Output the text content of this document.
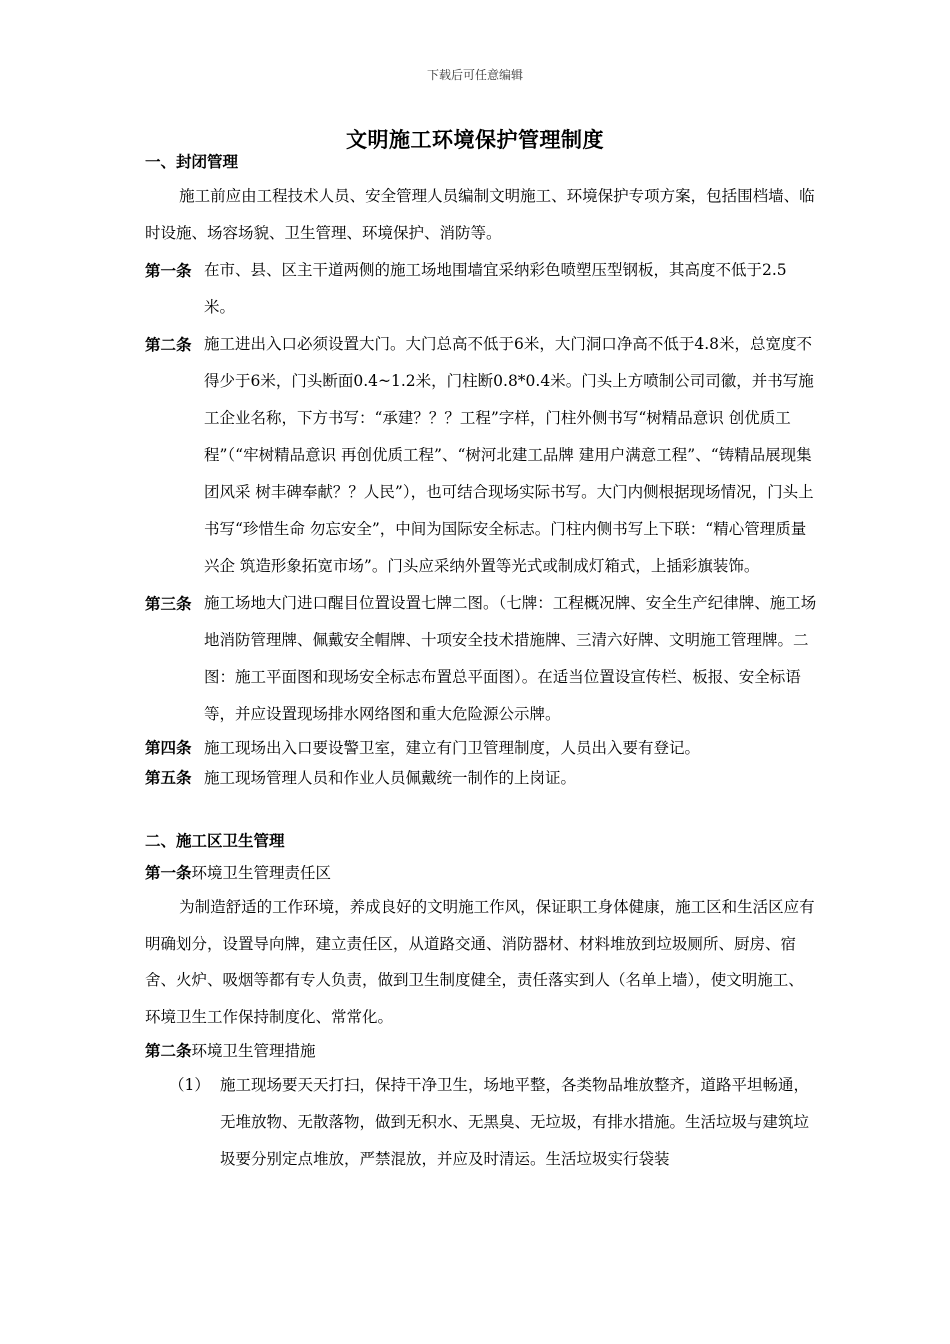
下载后可任意编辑
文明施工环境保护管理制度
一、封闭管理
施工前应由工程技术人员、安全管理人员编制文明施工、环境保护专项方案，包括围档墙、临时设施、场容场貌、卫生管理、环境保护、消防等。
第一条 在市、县、区主干道两侧的施工场地围墙宜采纳彩色喷塑压型钢板，其高度不低于2.5米。
第二条 施工进出入口必须设置大门。大门总高不低于6米，大门洞口净高不低于4.8米，总宽度不得少于6米，门头断面0.4~1.2米，门柱断0.8*0.4米。门头上方喷制公司司徽，并书写施工企业名称，下方书写：“承建？？？工程”字样，门柱外侧书写“树精品意识 创优质工程”（“牢树精品意识 再创优质工程”、“树河北建工品牌 建用户满意工程”、“铸精品展现集团风采 树丰碑奉献？？人民”），也可结合现场实际书写。大门内侧根据现场情况，门头上书写“珍惜生命 勿忘安全”，中间为国际安全标志。门柱内侧书写上下联：“精心管理质量兴企 筑造形象拓宽市场”。门头应采纳外置等光式或制成灯箱式，上插彩旗装饰。
第三条 施工场地大门进口醒目位置设置七牌二图。（七牌：工程概况牌、安全生产纪律牌、施工场地消防管理牌、佩戴安全帽牌、十项安全技术措施牌、三清六好牌、文明施工管理牌。二图：施工平面图和现场安全标志布置总平面图）。在适当位置设宣传栏、板报、安全标语等，并应设置现场排水网络图和重大危险源公示牌。
第四条 施工现场出入口要设警卫室，建立有门卫管理制度，人员出入要有登记。
第五条 施工现场管理人员和作业人员佩戴统一制作的上岗证。
二、施工区卫生管理
第一条环境卫生管理责任区
为制造舒适的工作环境，养成良好的文明施工作风，保证职工身体健康，施工区和生活区应有明确划分，设置导向牌，建立责任区，从道路交通、消防器材、材料堆放到垃圾厕所、厨房、宿舍、火炉、吸烟等都有专人负责，做到卫生制度健全，责任落实到人（名单上墙），使文明施工、环境卫生工作保持制度化、常常化。
第二条环境卫生管理措施
（1） 施工现场要天天打扫，保持干净卫生，场地平整，各类物品堆放整齐，道路平坦畅通，无堆放物、无散落物，做到无积水、无黑臭、无垃圾，有排水措施。生活垃圾与建筑垃圾要分别定点堆放，严禁混放，并应及时清运。生活垃圾实行袋装
